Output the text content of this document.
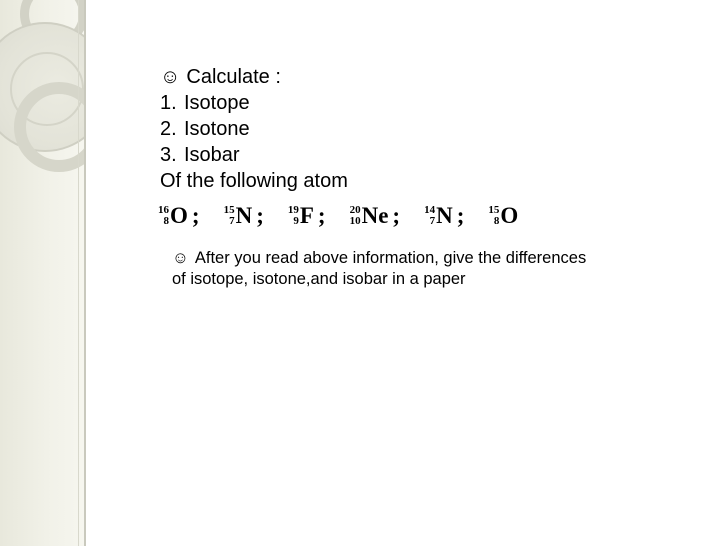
☺ Calculate :

1. Isotope

2. Isotone

3. Isobar

Of the following atom

16
8 O ; 15
7 N ; 19
9 F ; 20
10 Ne ; 14
7 N ; 15
8 O
☺ After you read above information, give the differences of isotope, isotone,and isobar in a paper
